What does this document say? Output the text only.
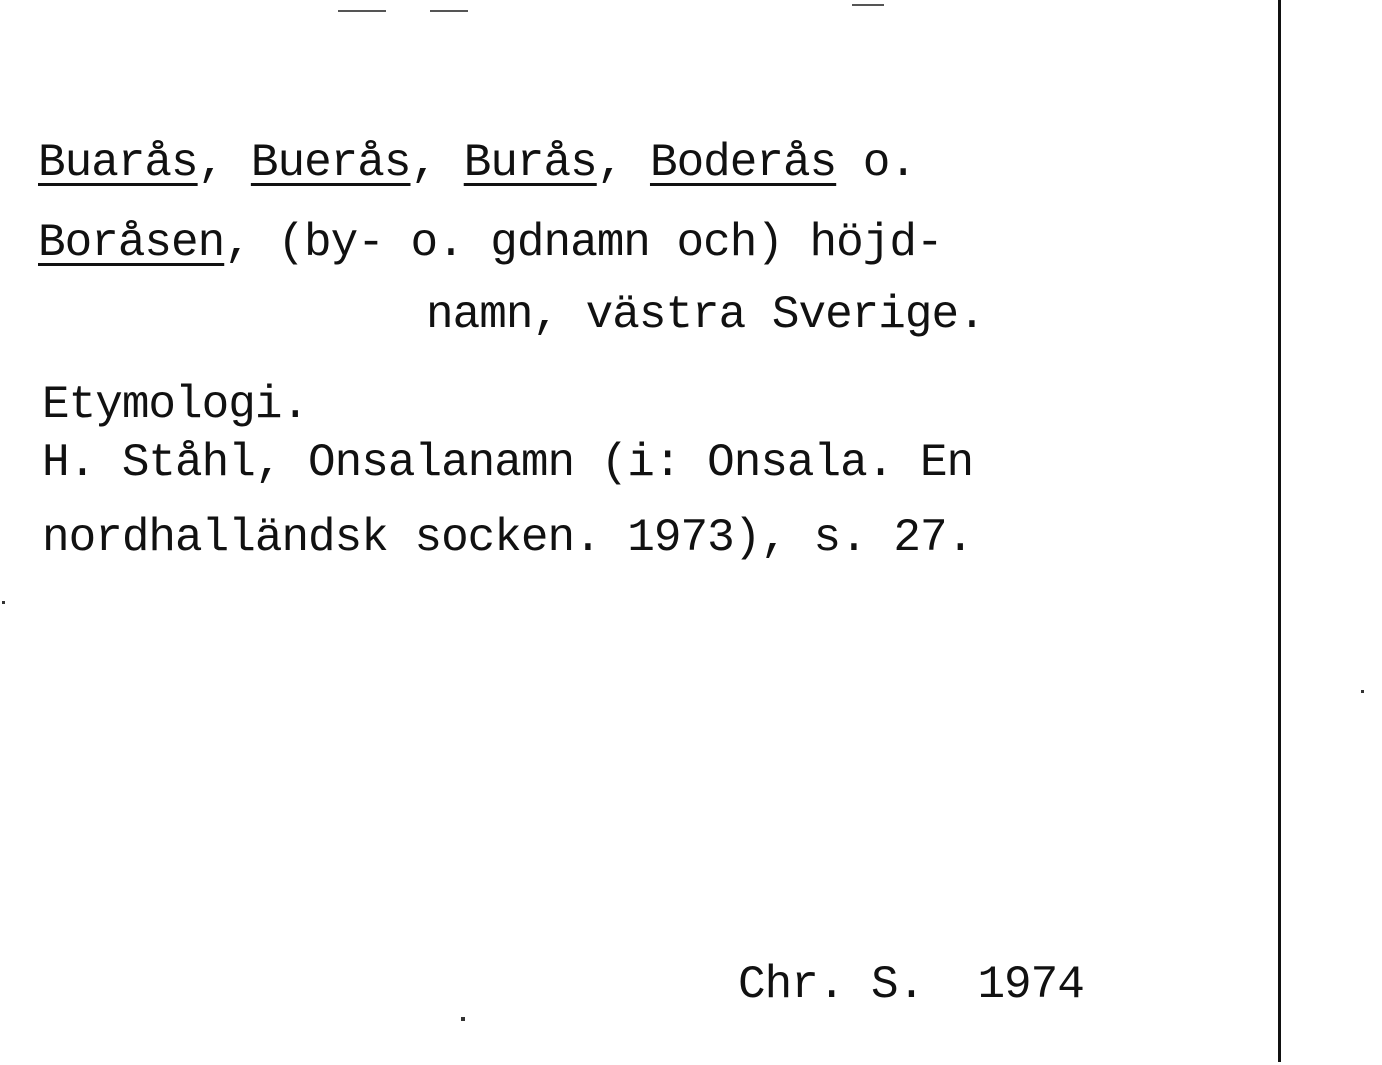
Buarås, Buerås, Burås, Boderås o.
Boråsen, (by- o. gdnamn och) höjd-
namn, västra Sverige.
Etymologi.
H. Ståhl, Onsalanamn (i: Onsala. En
nordhalländsk socken. 1973), s. 27.
Chr. S.  1974
